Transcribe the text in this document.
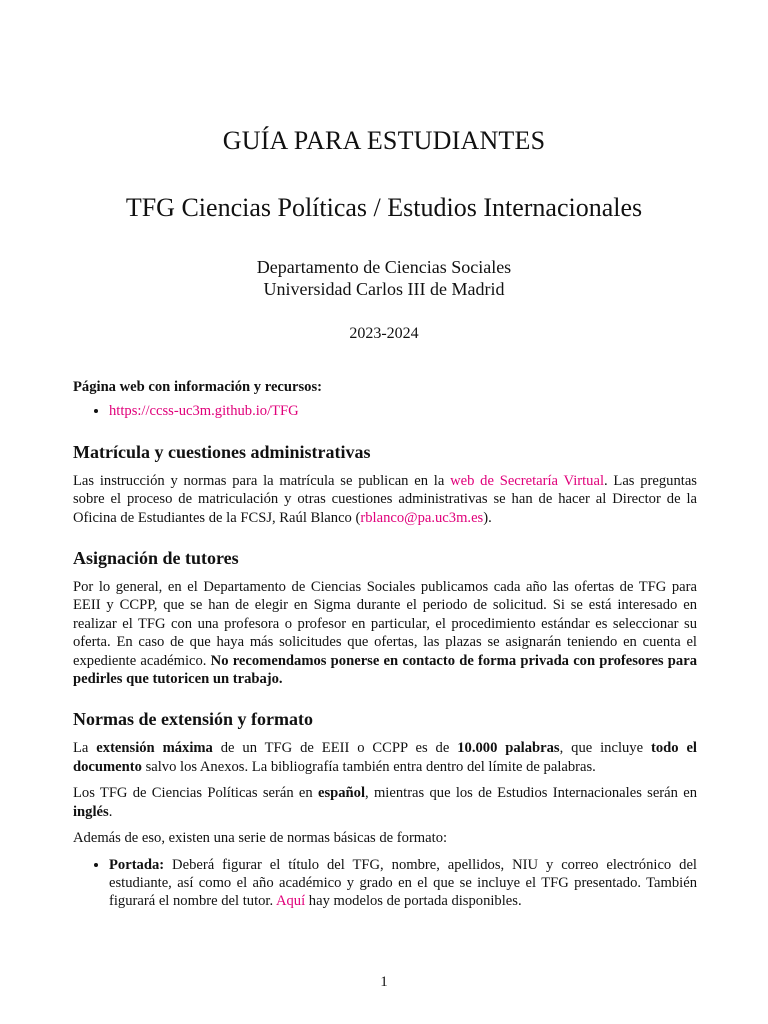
GUÍA PARA ESTUDIANTES
TFG Ciencias Políticas / Estudios Internacionales
Departamento de Ciencias Sociales
Universidad Carlos III de Madrid
2023-2024

Página web con información y recursos:

• https://ccss-uc3m.github.io/TFG
Matrícula y cuestiones administrativas

Las instrucción y normas para la matrícula se publican en la web de Secretaría Virtual. Las preguntas sobre el proceso de matriculación y otras cuestiones administrativas se han de hacer al Director de la Oficina de Estudiantes de la FCSJ, Raúl Blanco (rblanco@pa.uc3m.es).

Asignación de tutores

Por lo general, en el Departamento de Ciencias Sociales publicamos cada año las ofertas de TFG para EEII y CCPP, que se han de elegir en Sigma durante el periodo de solicitud. Si se está interesado en realizar el TFG con una profesora o profesor en particular, el procedimiento estándar es seleccionar su oferta. En caso de que haya más solicitudes que ofertas, las plazas se asignarán teniendo en cuenta el expediente académico. No recomendamos ponerse en contacto de forma privada con profesores para pedirles que tutoricen un trabajo.

Normas de extensión y formato

La extensión máxima de un TFG de EEII o CCPP es de 10.000 palabras, que incluye todo el documento salvo los Anexos. La bibliografía también entra dentro del límite de palabras.

Los TFG de Ciencias Políticas serán en español, mientras que los de Estudios Internacionales serán en inglés.

Además de eso, existen una serie de normas básicas de formato:

• Portada: Deberá figurar el título del TFG, nombre, apellidos, NIU y correo electrónico del estudiante, así como el año académico y grado en el que se incluye el TFG presentado. También figurará el nombre del tutor. Aquí hay modelos de portada disponibles.
1
